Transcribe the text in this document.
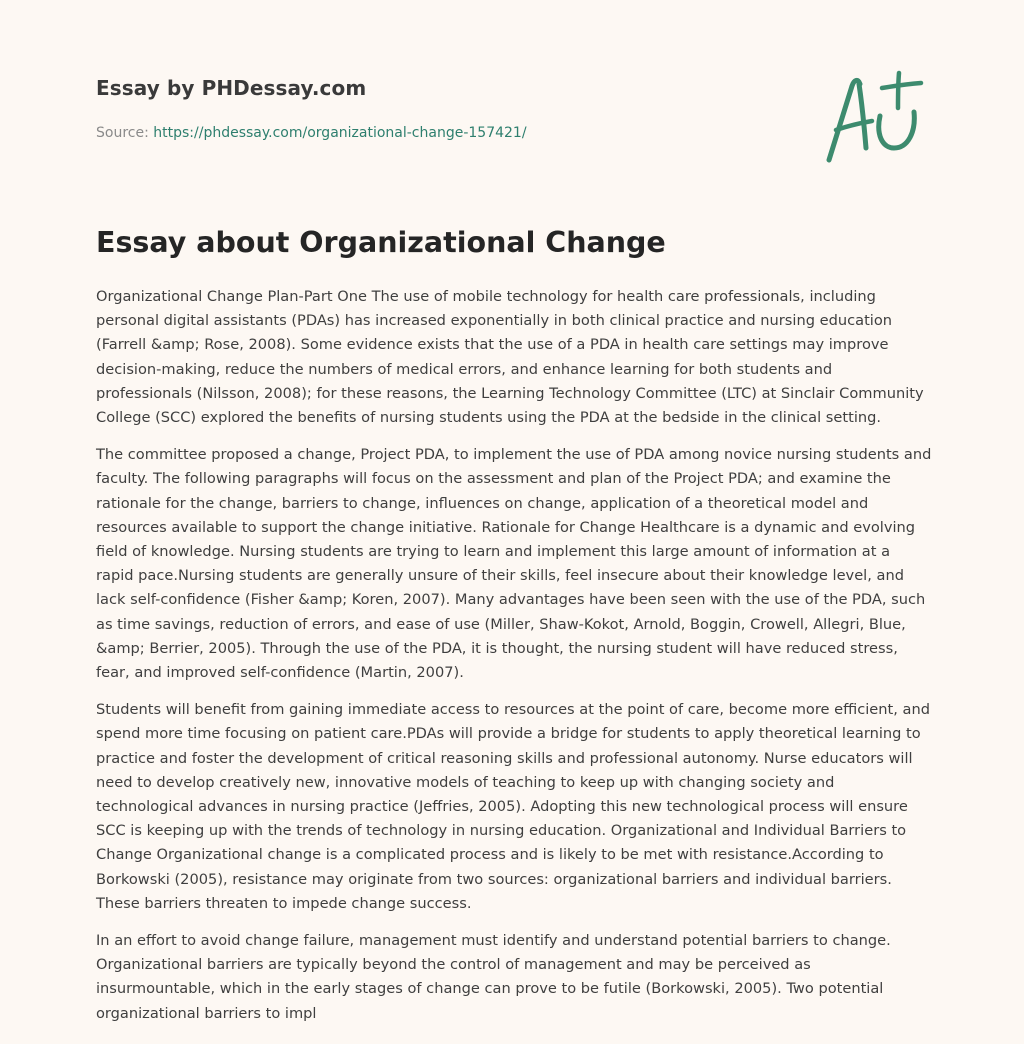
Essay by PHDessay.com
Source: https://phdessay.com/organizational-change-157421/
Essay about Organizational Change

Organizational Change Plan-Part One The use of mobile technology for health care professionals, including personal digital assistants (PDAs) has increased exponentially in both clinical practice and nursing education (Farrell &amp; Rose, 2008). Some evidence exists that the use of a PDA in health care settings may improve decision-making, reduce the numbers of medical errors, and enhance learning for both students and professionals (Nilsson, 2008); for these reasons, the Learning Technology Committee (LTC) at Sinclair Community College (SCC) explored the benefits of nursing students using the PDA at the bedside in the clinical setting.

The committee proposed a change, Project PDA, to implement the use of PDA among novice nursing students and faculty. The following paragraphs will focus on the assessment and plan of the Project PDA; and examine the rationale for the change, barriers to change, influences on change, application of a theoretical model and resources available to support the change initiative. Rationale for Change Healthcare is a dynamic and evolving field of knowledge. Nursing students are trying to learn and implement this large amount of information at a rapid pace.Nursing students are generally unsure of their skills, feel insecure about their knowledge level, and lack self-confidence (Fisher &amp; Koren, 2007). Many advantages have been seen with the use of the PDA, such as time savings, reduction of errors, and ease of use (Miller, Shaw-Kokot, Arnold, Boggin, Crowell, Allegri, Blue, &amp; Berrier, 2005). Through the use of the PDA, it is thought, the nursing student will have reduced stress, fear, and improved self-confidence (Martin, 2007).

Students will benefit from gaining immediate access to resources at the point of care, become more efficient, and spend more time focusing on patient care.PDAs will provide a bridge for students to apply theoretical learning to practice and foster the development of critical reasoning skills and professional autonomy. Nurse educators will need to develop creatively new, innovative models of teaching to keep up with changing society and technological advances in nursing practice (Jeffries, 2005). Adopting this new technological process will ensure SCC is keeping up with the trends of technology in nursing education. Organizational and Individual Barriers to Change Organizational change is a complicated process and is likely to be met with resistance.According to Borkowski (2005), resistance may originate from two sources: organizational barriers and individual barriers. These barriers threaten to impede change success.

In an effort to avoid change failure, management must identify and understand potential barriers to change. Organizational barriers are typically beyond the control of management and may be perceived as insurmountable, which in the early stages of change can prove to be futile (Borkowski, 2005). Two potential organizational barriers to impl
